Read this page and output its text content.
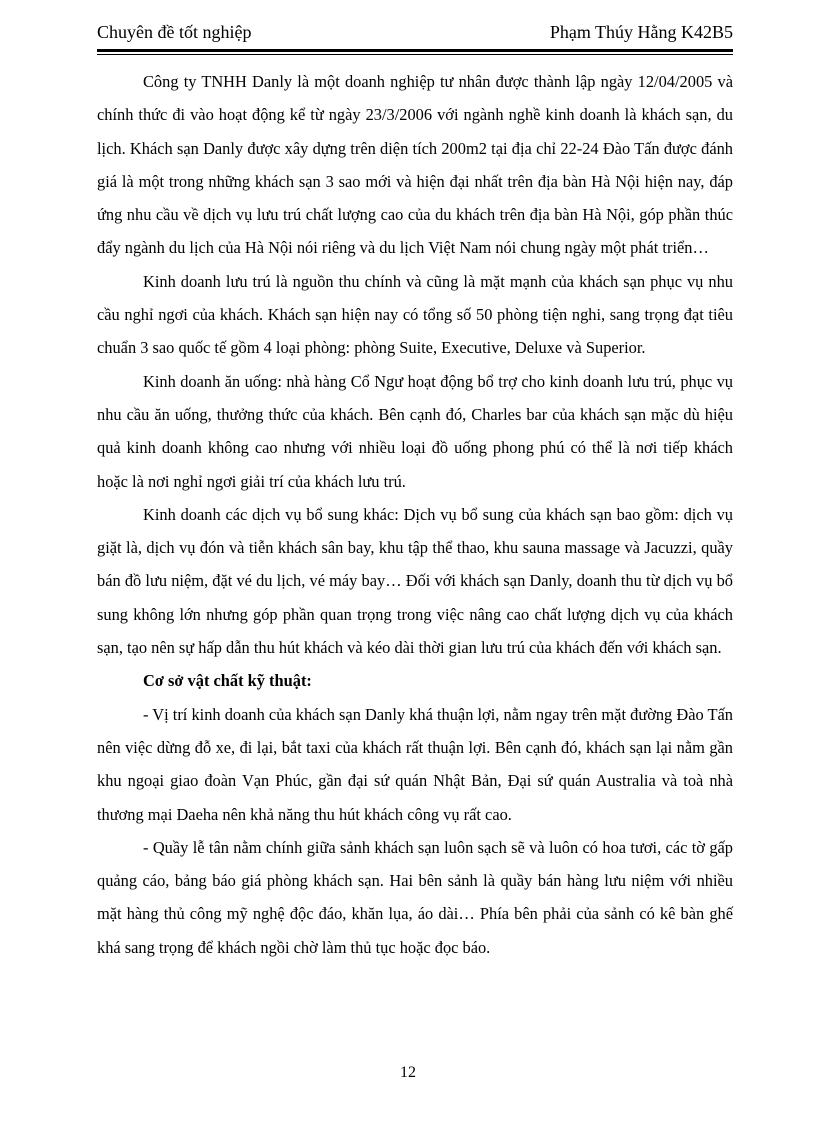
Chuyên đề tốt nghiệp	Phạm Thúy Hằng K42B5

Công ty TNHH Danly là một doanh nghiệp tư nhân được thành lập ngày 12/04/2005 và chính thức đi vào hoạt động kể từ ngày 23/3/2006 với ngành nghề kinh doanh là khách sạn, du lịch. Khách sạn Danly được xây dựng trên diện tích 200m2 tại địa chỉ 22-24 Đào Tấn được đánh giá là một trong những khách sạn 3 sao mới và hiện đại nhất trên địa bàn Hà Nội hiện nay, đáp ứng nhu cầu về dịch vụ lưu trú chất lượng cao của du khách trên địa bàn Hà Nội, góp phần thúc đẩy ngành du lịch của Hà Nội nói riêng và du lịch Việt Nam nói chung ngày một phát triển…

Kinh doanh lưu trú là nguồn thu chính và cũng là mặt mạnh của khách sạn phục vụ nhu cầu nghỉ ngơi của khách. Khách sạn hiện nay có tổng số 50 phòng tiện nghi, sang trọng đạt tiêu chuẩn 3 sao quốc tế gồm 4 loại phòng: phòng Suite, Executive, Deluxe và Superior.

Kinh doanh ăn uống: nhà hàng Cổ Ngư hoạt động bổ trợ cho kinh doanh lưu trú, phục vụ nhu cầu ăn uống, thưởng thức của khách. Bên cạnh đó, Charles bar của khách sạn mặc dù hiệu quả kinh doanh không cao nhưng với nhiều loại đồ uống phong phú có thể là nơi tiếp khách hoặc là nơi nghỉ ngơi giải trí của khách lưu trú.

Kinh doanh các dịch vụ bổ sung khác: Dịch vụ bổ sung của khách sạn bao gồm: dịch vụ giặt là, dịch vụ đón và tiễn khách sân bay, khu tập thể thao, khu sauna massage và Jacuzzi, quầy bán đồ lưu niệm, đặt vé du lịch, vé máy bay… Đối với khách sạn Danly, doanh thu từ dịch vụ bổ sung không lớn nhưng góp phần quan trọng trong việc nâng cao chất lượng dịch vụ của khách sạn, tạo nên sự hấp dẫn thu hút khách và kéo dài thời gian lưu trú của khách đến với khách sạn.

Cơ sở vật chất kỹ thuật:

- Vị trí kinh doanh của khách sạn Danly khá thuận lợi, nằm ngay trên mặt đường Đào Tấn nên việc dừng đỗ xe, đi lại, bắt taxi của khách rất thuận lợi. Bên cạnh đó, khách sạn lại nằm gần khu ngoại giao đoàn Vạn Phúc, gần đại sứ quán Nhật Bản, Đại sứ quán Australia và toà nhà thương mại Daeha nên khả năng thu hút khách công vụ rất cao.

- Quầy lễ tân nằm chính giữa sảnh khách sạn luôn sạch sẽ và luôn có hoa tươi, các tờ gấp quảng cáo, bảng báo giá phòng khách sạn. Hai bên sảnh là quầy bán hàng lưu niệm với nhiều mặt hàng thủ công mỹ nghệ độc đáo, khăn lụa, áo dài… Phía bên phải của sảnh có kê bàn ghế khá sang trọng để khách ngồi chờ làm thủ tục hoặc đọc báo.

12
